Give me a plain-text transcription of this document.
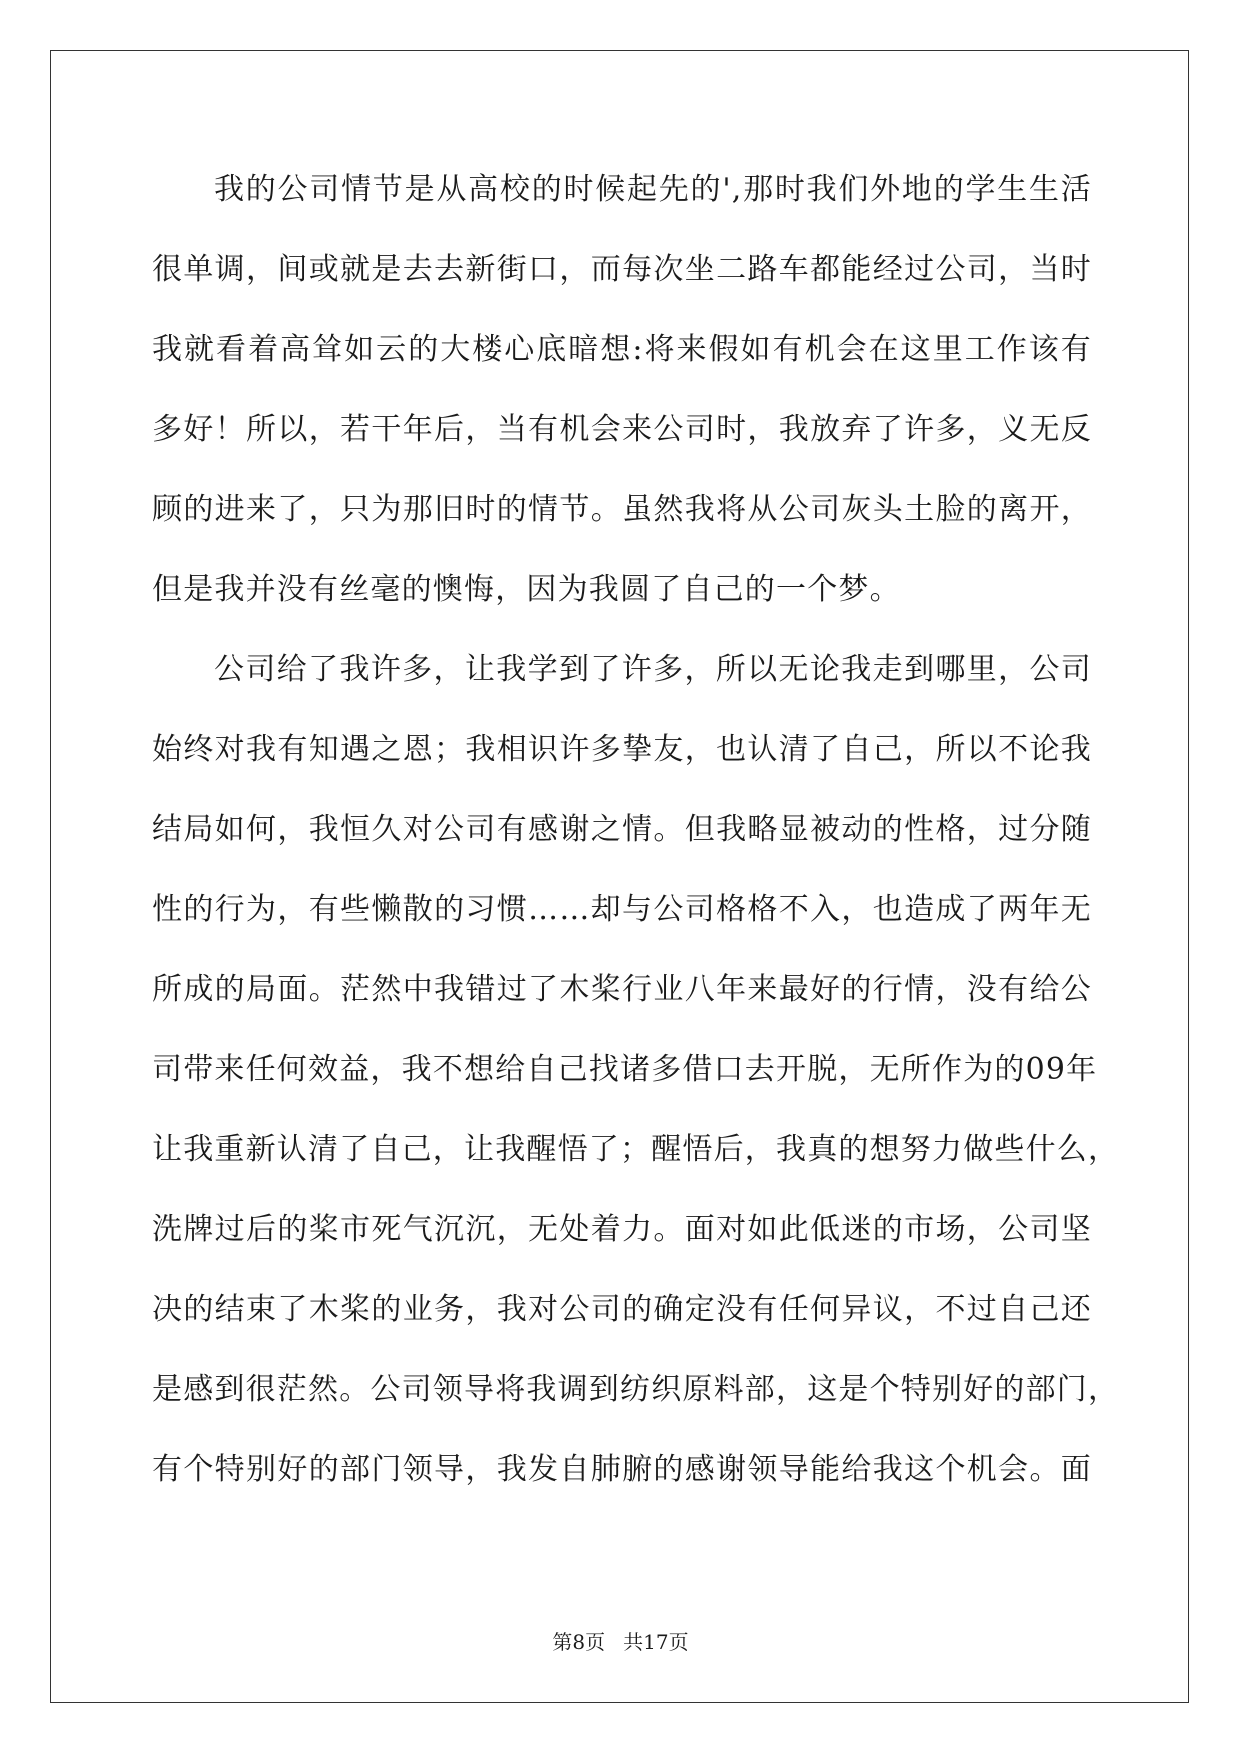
我的公司情节是从高校的时候起先的',那时我们外地的学生生活
很单调，间或就是去去新街口，而每次坐二路车都能经过公司，当时
我就看着高耸如云的大楼心底暗想:将来假如有机会在这里工作该有
多好！所以，若干年后，当有机会来公司时，我放弃了许多，义无反
顾的进来了，只为那旧时的情节。虽然我将从公司灰头土脸的离开，
但是我并没有丝毫的懊悔，因为我圆了自己的一个梦。
公司给了我许多，让我学到了许多，所以无论我走到哪里，公司
始终对我有知遇之恩；我相识许多挚友，也认清了自己，所以不论我
结局如何，我恒久对公司有感谢之情。但我略显被动的性格，过分随
性的行为，有些懒散的习惯……却与公司格格不入，也造成了两年无
所成的局面。茫然中我错过了木桨行业八年来最好的行情，没有给公
司带来任何效益，我不想给自己找诸多借口去开脱，无所作为的09年
让我重新认清了自己，让我醒悟了；醒悟后，我真的想努力做些什么，
洗牌过后的桨市死气沉沉，无处着力。面对如此低迷的市场，公司坚
决的结束了木桨的业务，我对公司的确定没有任何异议，不过自己还
是感到很茫然。公司领导将我调到纺织原料部，这是个特别好的部门，
有个特别好的部门领导，我发自肺腑的感谢领导能给我这个机会。面
第8页 共17页
